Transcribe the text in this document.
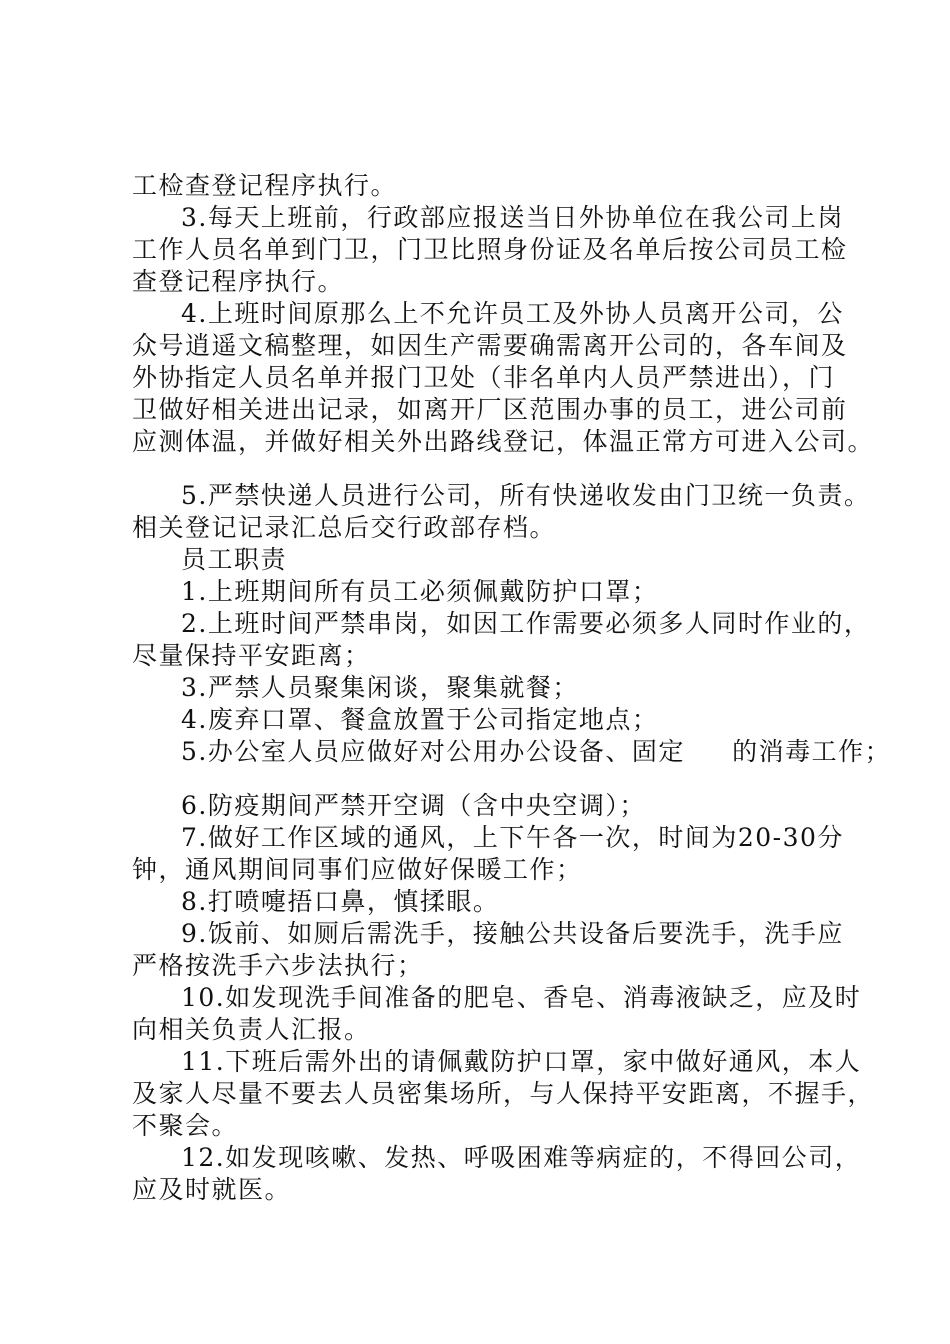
工检查登记程序执行。
3.每天上班前，行政部应报送当日外协单位在我公司上岗
工作人员名单到门卫，门卫比照身份证及名单后按公司员工检
查登记程序执行。
4.上班时间原那么上不允许员工及外协人员离开公司，公
众号逍遥文稿整理，如因生产需要确需离开公司的，各车间及
外协指定人员名单并报门卫处（非名单内人员严禁进出），门
卫做好相关进出记录，如离开厂区范围办事的员工，进公司前
应测体温，并做好相关外出路线登记，体温正常方可进入公司。
5.严禁快递人员进行公司，所有快递收发由门卫统一负责。
相关登记记录汇总后交行政部存档。
员工职责
1.上班期间所有员工必须佩戴防护口罩；
2.上班时间严禁串岗，如因工作需要必须多人同时作业的，
尽量保持平安距离；
3.严禁人员聚集闲谈，聚集就餐；
4.废弃口罩、餐盒放置于公司指定地点；
5.办公室人员应做好对公用办公设备、固定     的消毒工作；
6.防疫期间严禁开空调（含中央空调）；
7.做好工作区域的通风，上下午各一次，时间为20-30分
钟，通风期间同事们应做好保暖工作；
8.打喷嚏捂口鼻，慎揉眼。
9.饭前、如厕后需洗手，接触公共设备后要洗手，洗手应
严格按洗手六步法执行；
10.如发现洗手间准备的肥皂、香皂、消毒液缺乏，应及时
向相关负责人汇报。
11.下班后需外出的请佩戴防护口罩，家中做好通风，本人
及家人尽量不要去人员密集场所，与人保持平安距离，不握手，
不聚会。
12.如发现咳嗽、发热、呼吸困难等病症的，不得回公司，
应及时就医。
